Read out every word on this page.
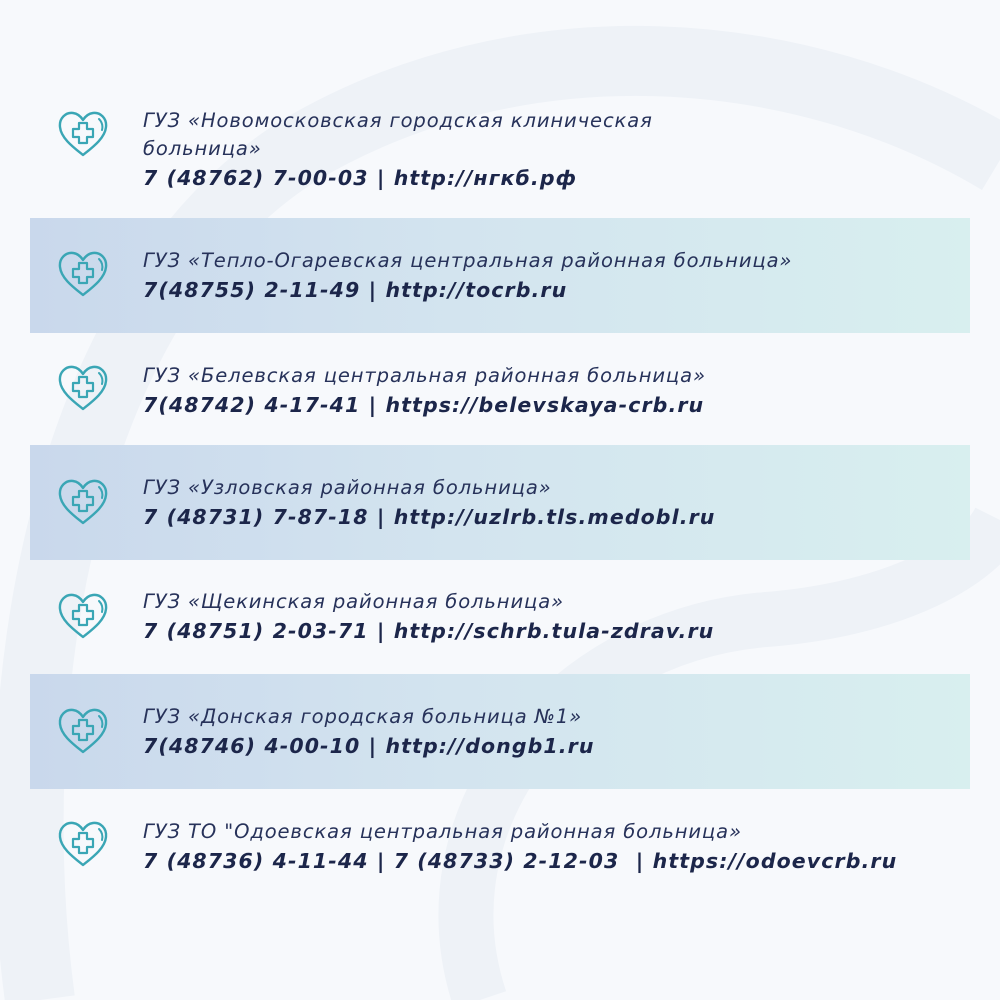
ГУЗ «Новомосковская городская клиническая
больница»
7 (48762) 7-00-03 | http://нгкб.рф
ГУЗ «Тепло-Огаревская центральная районная больница»
7(48755) 2-11-49 | http://tocrb.ru
ГУЗ «Белевская центральная районная больница»
7(48742) 4-17-41 | https://belevskaya-crb.ru
ГУЗ «Узловская районная больница»
7 (48731) 7-87-18 | http://uzlrb.tls.medobl.ru
ГУЗ «Щекинская районная больница»
7 (48751) 2-03-71 | http://schrb.tula-zdrav.ru
ГУЗ «Донская городская больница №1»
7(48746) 4-00-10 | http://dongb1.ru
ГУЗ ТО "Одоевская центральная районная больница»
7 (48736) 4-11-44 | 7 (48733) 2-12-03  | https://odoevcrb.ru
